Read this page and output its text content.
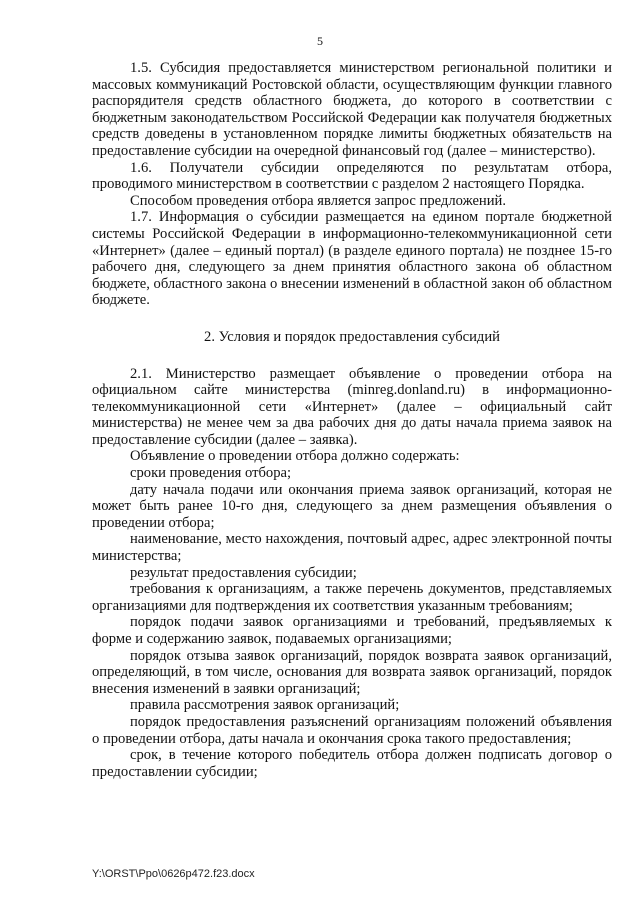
5

1.5. Субсидия предоставляется министерством региональной политики и массовых коммуникаций Ростовской области, осуществляющим функции главного распорядителя средств областного бюджета, до которого в соответствии с бюджетным законодательством Российской Федерации как получателя бюджетных средств доведены в установленном порядке лимиты бюджетных обязательств на предоставление субсидии на очередной финансовый год (далее – министерство).

1.6. Получатели субсидии определяются по результатам отбора, проводимого министерством в соответствии с разделом 2 настоящего Порядка.

Способом проведения отбора является запрос предложений.

1.7. Информация о субсидии размещается на едином портале бюджетной системы Российской Федерации в информационно-телекоммуникационной сети «Интернет» (далее – единый портал) (в разделе единого портала) не позднее 15-го рабочего дня, следующего за днем принятия областного закона об областном бюджете, областного закона о внесении изменений в областной закон об областном бюджете.

2. Условия и порядок предоставления субсидий

2.1. Министерство размещает объявление о проведении отбора на официальном сайте министерства (minreg.donland.ru) в информационно-телекоммуникационной сети «Интернет» (далее – официальный сайт министерства) не менее чем за два рабочих дня до даты начала приема заявок на предоставление субсидии (далее – заявка).

Объявление о проведении отбора должно содержать:

сроки проведения отбора;

дату начала подачи или окончания приема заявок организаций, которая не может быть ранее 10-го дня, следующего за днем размещения объявления о проведении отбора;

наименование, место нахождения, почтовый адрес, адрес электронной почты министерства;

результат предоставления субсидии;

требования к организациям, а также перечень документов, представляемых организациями для подтверждения их соответствия указанным требованиям;

порядок подачи заявок организациями и требований, предъявляемых к форме и содержанию заявок, подаваемых организациями;

порядок отзыва заявок организаций, порядок возврата заявок организаций, определяющий, в том числе, основания для возврата заявок организаций, порядок внесения изменений в заявки организаций;

правила рассмотрения заявок организаций;

порядок предоставления разъяснений организациям положений объявления о проведении отбора, даты начала и окончания срока такого предоставления;

срок, в течение которого победитель отбора должен подписать договор о предоставлении субсидии;

Y:\ORST\Ppo\0626p472.f23.docx
